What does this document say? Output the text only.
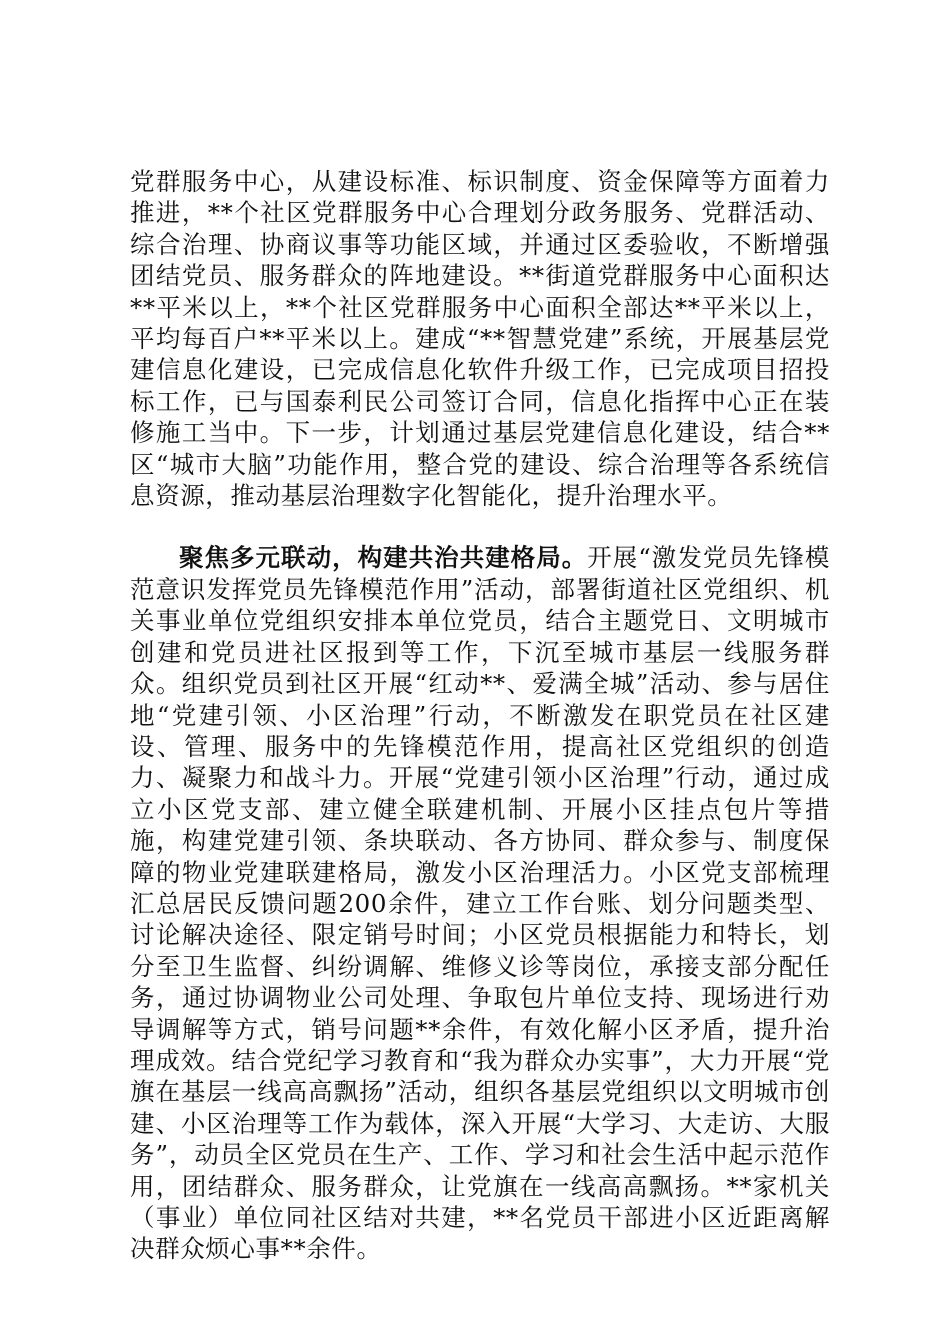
党群服务中心，从建设标准、标识制度、资金保障等方面着力推进，**个社区党群服务中心合理划分政务服务、党群活动、综合治理、协商议事等功能区域，并通过区委验收，不断增强团结党员、服务群众的阵地建设。**街道党群服务中心面积达**平米以上，**个社区党群服务中心面积全部达**平米以上，平均每百户**平米以上。建成“**智慧党建”系统，开展基层党建信息化建设，已完成信息化软件升级工作，已完成项目招投标工作，已与国泰利民公司签订合同，信息化指挥中心正在装修施工当中。下一步，计划通过基层党建信息化建设，结合**区“城市大脑”功能作用，整合党的建设、综合治理等各系统信息资源，推动基层治理数字化智能化，提升治理水平。

聚焦多元联动，构建共治共建格局。开展“激发党员先锋模范意识发挥党员先锋模范作用”活动，部署街道社区党组织、机关事业单位党组织安排本单位党员，结合主题党日、文明城市创建和党员进社区报到等工作，下沉至城市基层一线服务群众。组织党员到社区开展“红动**、爱满全城”活动、参与居住地“党建引领、小区治理”行动，不断激发在职党员在社区建设、管理、服务中的先锋模范作用，提高社区党组织的创造力、凝聚力和战斗力。开展“党建引领小区治理”行动，通过成立小区党支部、建立健全联建机制、开展小区挂点包片等措施，构建党建引领、条块联动、各方协同、群众参与、制度保障的物业党建联建格局，激发小区治理活力。小区党支部梳理汇总居民反馈问题200余件，建立工作台账、划分问题类型、讨论解决途径、限定销号时间；小区党员根据能力和特长，划分至卫生监督、纠纷调解、维修义诊等岗位，承接支部分配任务，通过协调物业公司处理、争取包片单位支持、现场进行劝导调解等方式，销号问题**余件，有效化解小区矛盾，提升治理成效。结合党纪学习教育和“我为群众办实事”，大力开展“党旗在基层一线高高飘扬”活动，组织各基层党组织以文明城市创建、小区治理等工作为载体，深入开展“大学习、大走访、大服务”，动员全区党员在生产、工作、学习和社会生活中起示范作用，团结群众、服务群众，让党旗在一线高高飘扬。**家机关（事业）单位同社区结对共建，**名党员干部进小区近距离解决群众烦心事**余件。
